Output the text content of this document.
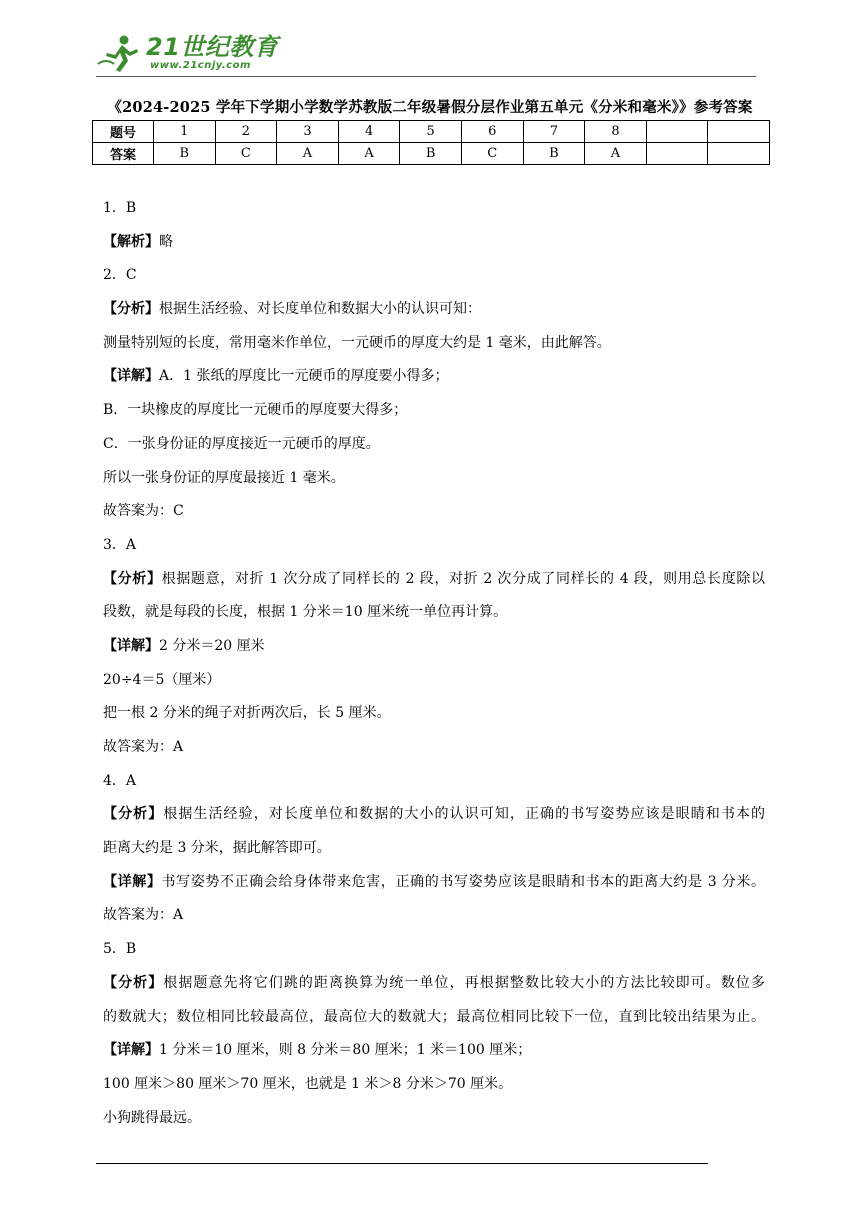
21世纪教育
www.21cnjy.com
《2024-2025 学年下学期小学数学苏教版二年级暑假分层作业第五单元《分米和毫米》》参考答案
题号	1	2	3	4	5	6	7	8		
答案	B	C	A	A	B	C	B	A		

1．B

【解析】略

2．C

【分析】根据生活经验、对长度单位和数据大小的认识可知：

测量特别短的长度，常用毫米作单位，一元硬币的厚度大约是 1 毫米，由此解答。

【详解】A．1 张纸的厚度比一元硬币的厚度要小得多；

B．一块橡皮的厚度比一元硬币的厚度要大得多；

C．一张身份证的厚度接近一元硬币的厚度。

所以一张身份证的厚度最接近 1 毫米。

故答案为：C

3．A

【分析】根据题意，对折 1 次分成了同样长的 2 段，对折 2 次分成了同样长的 4 段，则用总长度除以

段数，就是每段的长度，根据 1 分米＝10 厘米统一单位再计算。

【详解】2 分米＝20 厘米

20÷4＝5（厘米）

把一根 2 分米的绳子对折两次后，长 5 厘米。

故答案为：A

4．A

【分析】根据生活经验，对长度单位和数据的大小的认识可知，正确的书写姿势应该是眼睛和书本的

距离大约是 3 分米，据此解答即可。

【详解】书写姿势不正确会给身体带来危害，正确的书写姿势应该是眼睛和书本的距离大约是 3 分米。

故答案为：A

5．B

【分析】根据题意先将它们跳的距离换算为统一单位，再根据整数比较大小的方法比较即可。数位多

的数就大；数位相同比较最高位，最高位大的数就大；最高位相同比较下一位，直到比较出结果为止。

【详解】1 分米＝10 厘米，则 8 分米＝80 厘米；1 米＝100 厘米；

100 厘米＞80 厘米＞70 厘米，也就是 1 米＞8 分米＞70 厘米。

小狗跳得最远。
